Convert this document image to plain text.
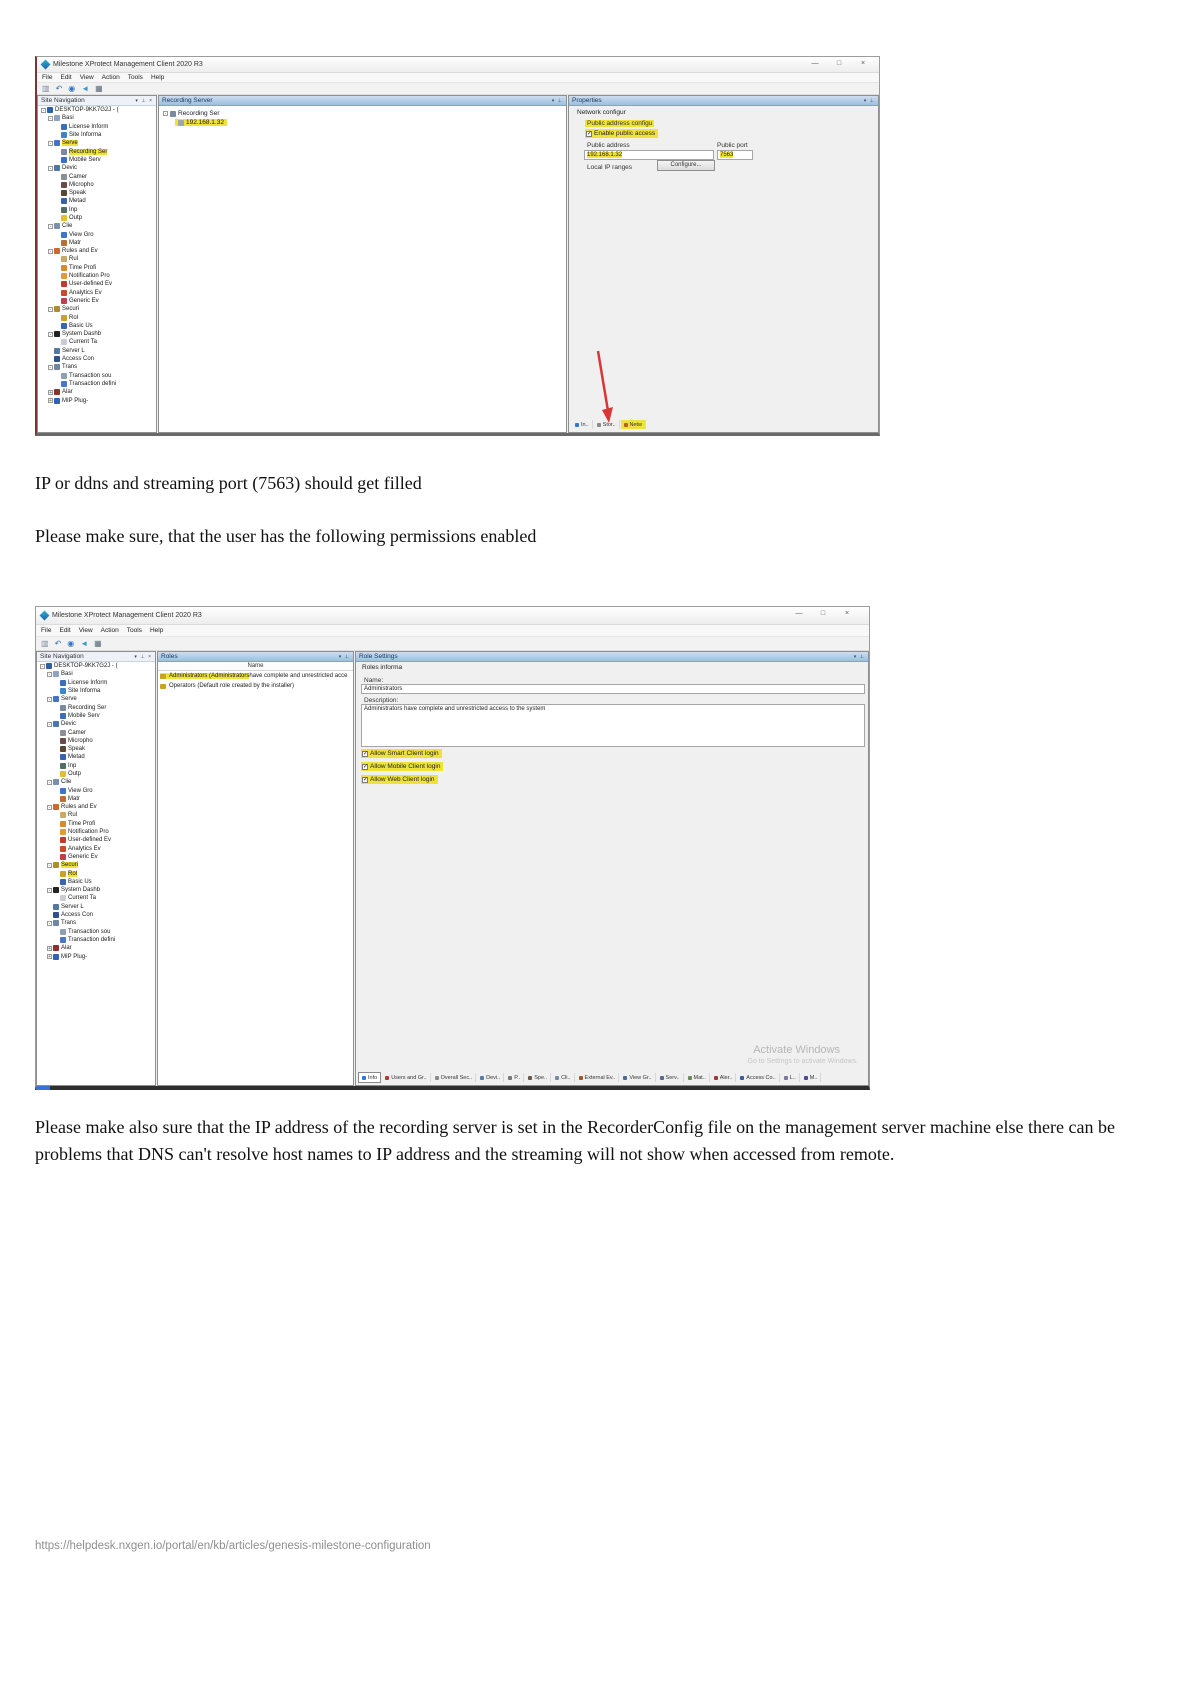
Milestone XProtect Management Client 2020 R3	—	□	×
File Edit View Action Tools Help
▥ ↶ ◉ ◄ ▦
Site Navigation	▾ ⊥ ×
- DESKTOP-9KK7G2J - (
- Basi
License Inform
Site Informa
- Serve
Recording Ser
Mobile Serv
- Devic
Camer
Micropho
Speak
Metad
Inp
Outp
- Clie
View Gro
Matr
- Rules and Ev
Rul
Time Profi
Notification Pro
User-defined Ev
Analytics Ev
Generic Ev
- Securi
Rol
Basic Us
- System Dashb
Current Ta
Server L
Access Con
- Trans
Transaction sou
Transaction defini
+ Alar
+ MIP Plug-
Recording Server	▾ ⊥
- Recording Ser
192.168.1.32
Properties	▾ ⊥
Network configur
Public address configu
✓
Enable public access
Public address	Public port
192.168.1.32	7563
Local IP ranges	Configure...
In..	Stor..	Netw
IP or ddns and streaming port (7563) should get filled
Please make sure, that the user has the following permissions enabled
Milestone XProtect Management Client 2020 R3	—	□	×
File Edit View Action Tools Help
▥ ↶ ◉ ◄ ▦
Site Navigation	▾ ⊥ ×
- DESKTOP-9KK7G2J - (
- Basi
License Inform
Site Informa
- Serve
Recording Ser
Mobile Serv
- Devic
Camer
Micropho
Speak
Metad
Inp
Outp
- Clie
View Gro
Matr
- Rules and Ev
Rul
Time Profi
Notification Pro
User-defined Ev
Analytics Ev
Generic Ev
- Securi
Rol
Basic Us
- System Dashb
Current Ta
Server L
Access Con
- Trans
Transaction sou
Transaction defini
+ Alar
+ MIP Plug-
Roles	▾ ⊥
Name
Administrators (Administrators have complete and unrestricted acce
Operators (Default role created by the installer)
Role Settings	▾ ⊥
Roles informa
Name:
Administrators
Description:
Administrators have complete and unrestricted access to the system
✓
Allow Smart Client login
✓
Allow Mobile Client login
✓
Allow Web Client login
Activate Windows
Go to Settings to activate Windows.
Info	Users and Gr..	Overall Sec..	Devi..	P..	Spe..	Cli..	External Ev..	View Gr..	Serv..	Mat..	Aler..	Access Co..	L..	M..
Please make also sure that the IP address of the recording server is set in the RecorderConfig file on the management server machine else there can be problems that DNS can't resolve host names to IP address and the streaming will not show when accessed from remote.
https://helpdesk.nxgen.io/portal/en/kb/articles/genesis-milestone-configuration
